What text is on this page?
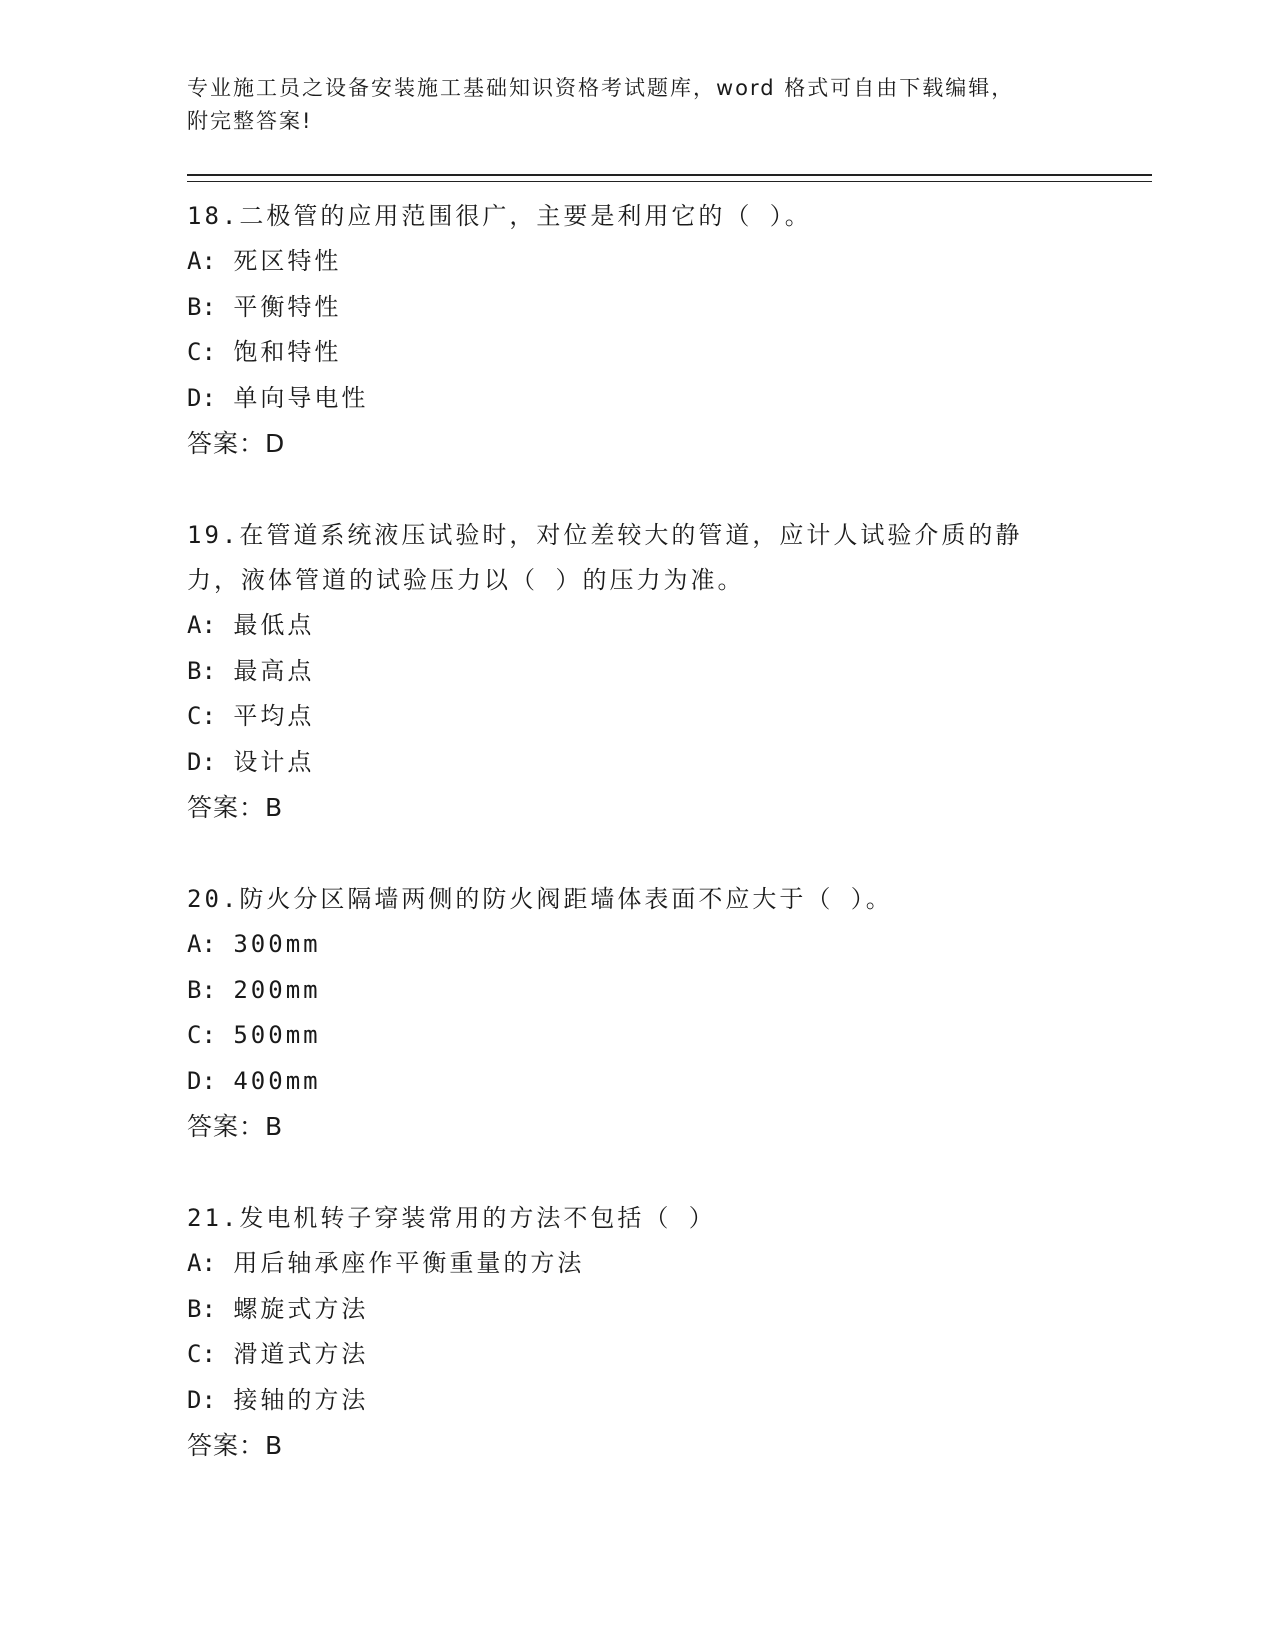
专业施工员之设备安装施工基础知识资格考试题库，word 格式可自由下载编辑，
附完整答案!

18.二极管的应用范围很广，主要是利用它的（ ）。

A: 死区特性

B: 平衡特性

C: 饱和特性

D: 单向导电性

答案：D

19.在管道系统液压试验时，对位差较大的管道，应计人试验介质的静
力，液体管道的试验压力以（ ）的压力为准。

A: 最低点

B: 最高点

C: 平均点

D: 设计点

答案：B

20.防火分区隔墙两侧的防火阀距墙体表面不应大于（ ）。

A: 300mm

B: 200mm

C: 500mm

D: 400mm

答案：B

21.发电机转子穿装常用的方法不包括（ ）

A: 用后轴承座作平衡重量的方法

B: 螺旋式方法

C: 滑道式方法

D: 接轴的方法

答案：B
